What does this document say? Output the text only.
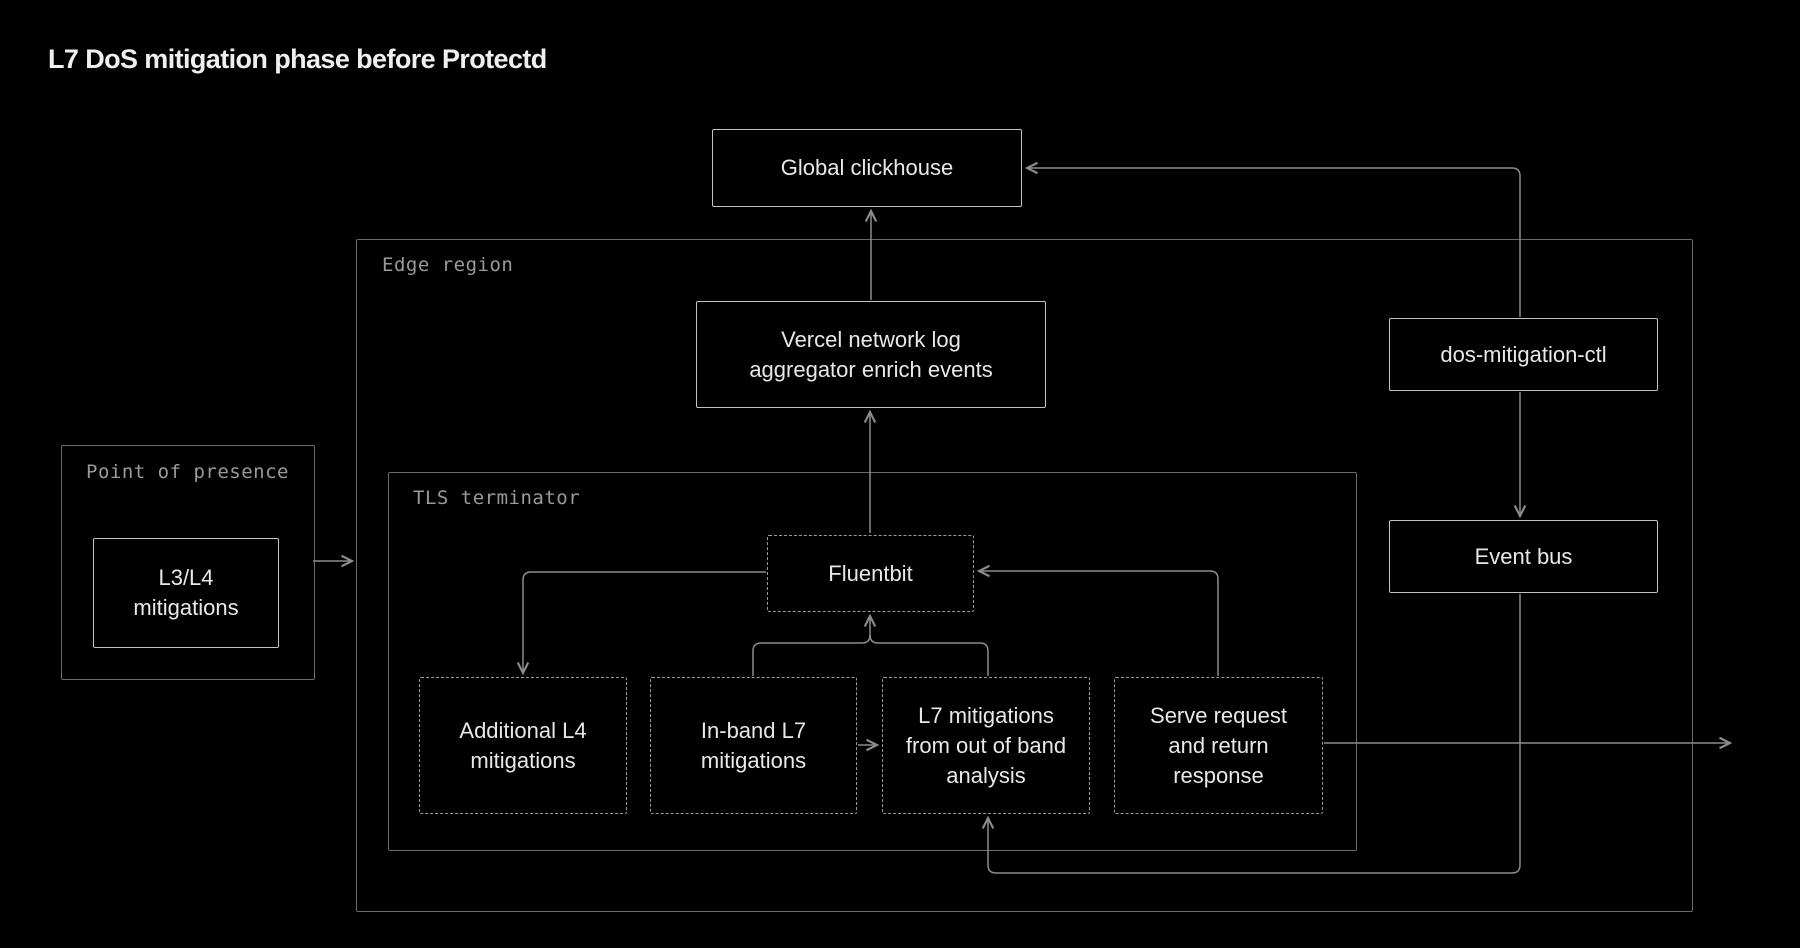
L7 DoS mitigation phase before Protectd
Edge region
Point of presence
TLS terminator
Global clickhouse
Vercel network log aggregator enrich events
dos-mitigation-ctl
Event bus
L3/L4 mitigations
Fluentbit
Additional L4 mitigations
In-band L7 mitigations
L7 mitigations from out of band analysis
Serve request and return response
